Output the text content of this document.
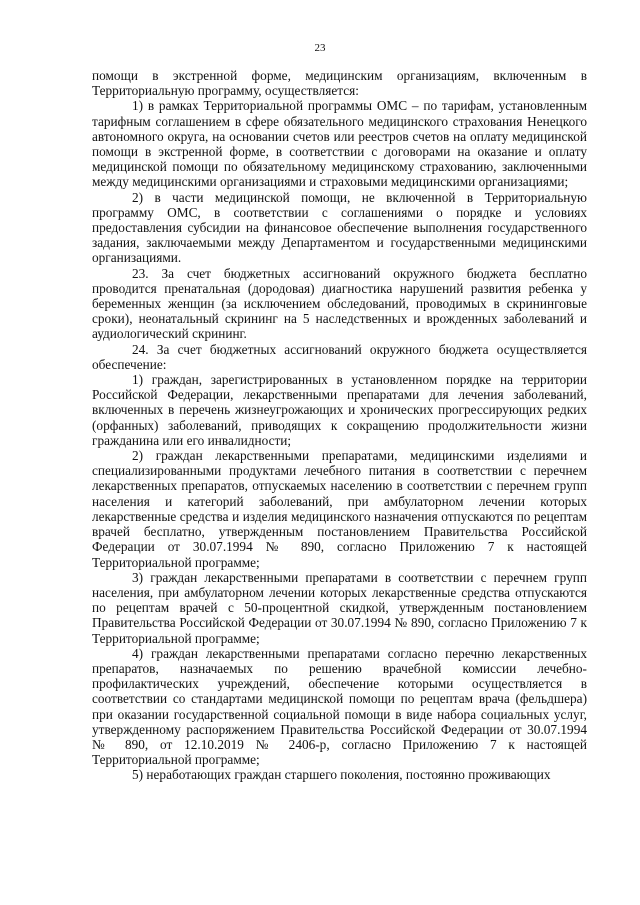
23

помощи в экстренной форме, медицинским организациям, включенным в Территориальную программу, осуществляется:

1) в рамках Территориальной программы ОМС – по тарифам, установленным тарифным соглашением в сфере обязательного медицинского страхования Ненецкого автономного округа, на основании счетов или реестров счетов на оплату медицинской помощи в экстренной форме, в соответствии с договорами на оказание и оплату медицинской помощи по обязательному медицинскому страхованию, заключенными между медицинскими организациями и страховыми медицинскими организациями;

2) в части медицинской помощи, не включенной в Территориальную программу ОМС, в соответствии с соглашениями о порядке и условиях предоставления субсидии на финансовое обеспечение выполнения государственного задания, заключаемыми между Департаментом и государственными медицинскими организациями.

23. За счет бюджетных ассигнований окружного бюджета бесплатно проводится пренатальная (дородовая) диагностика нарушений развития ребенка у беременных женщин (за исключением обследований, проводимых в скрининговые сроки), неонатальный скрининг на 5 наследственных и врожденных заболеваний и аудиологический скрининг.

24. За счет бюджетных ассигнований окружного бюджета осуществляется обеспечение:

1) граждан, зарегистрированных в установленном порядке на территории Российской Федерации, лекарственными препаратами для лечения заболеваний, включенных в перечень жизнеугрожающих и хронических прогрессирующих редких (орфанных) заболеваний, приводящих к сокращению продолжительности жизни гражданина или его инвалидности;

2) граждан лекарственными препаратами, медицинскими изделиями и специализированными продуктами лечебного питания в соответствии с перечнем лекарственных препаратов, отпускаемых населению в соответствии с перечнем групп населения и категорий заболеваний, при амбулаторном лечении которых лекарственные средства и изделия медицинского назначения отпускаются по рецептам врачей бесплатно, утвержденным постановлением Правительства Российской Федерации от 30.07.1994 № 890, согласно Приложению 7 к настоящей Территориальной программе;

3) граждан лекарственными препаратами в соответствии с перечнем групп населения, при амбулаторном лечении которых лекарственные средства отпускаются по рецептам врачей с 50-процентной скидкой, утвержденным постановлением Правительства Российской Федерации от 30.07.1994 № 890, согласно Приложению 7 к Территориальной программе;

4) граждан лекарственными препаратами согласно перечню лекарственных препаратов, назначаемых по решению врачебной комиссии лечебно-профилактических учреждений, обеспечение которыми осуществляется в соответствии со стандартами медицинской помощи по рецептам врача (фельдшера) при оказании государственной социальной помощи в виде набора социальных услуг, утвержденному распоряжением Правительства Российской Федерации от 30.07.1994 № 890, от 12.10.2019 № 2406-р, согласно Приложению 7 к настоящей Территориальной программе;

5) неработающих граждан старшего поколения, постоянно проживающих
